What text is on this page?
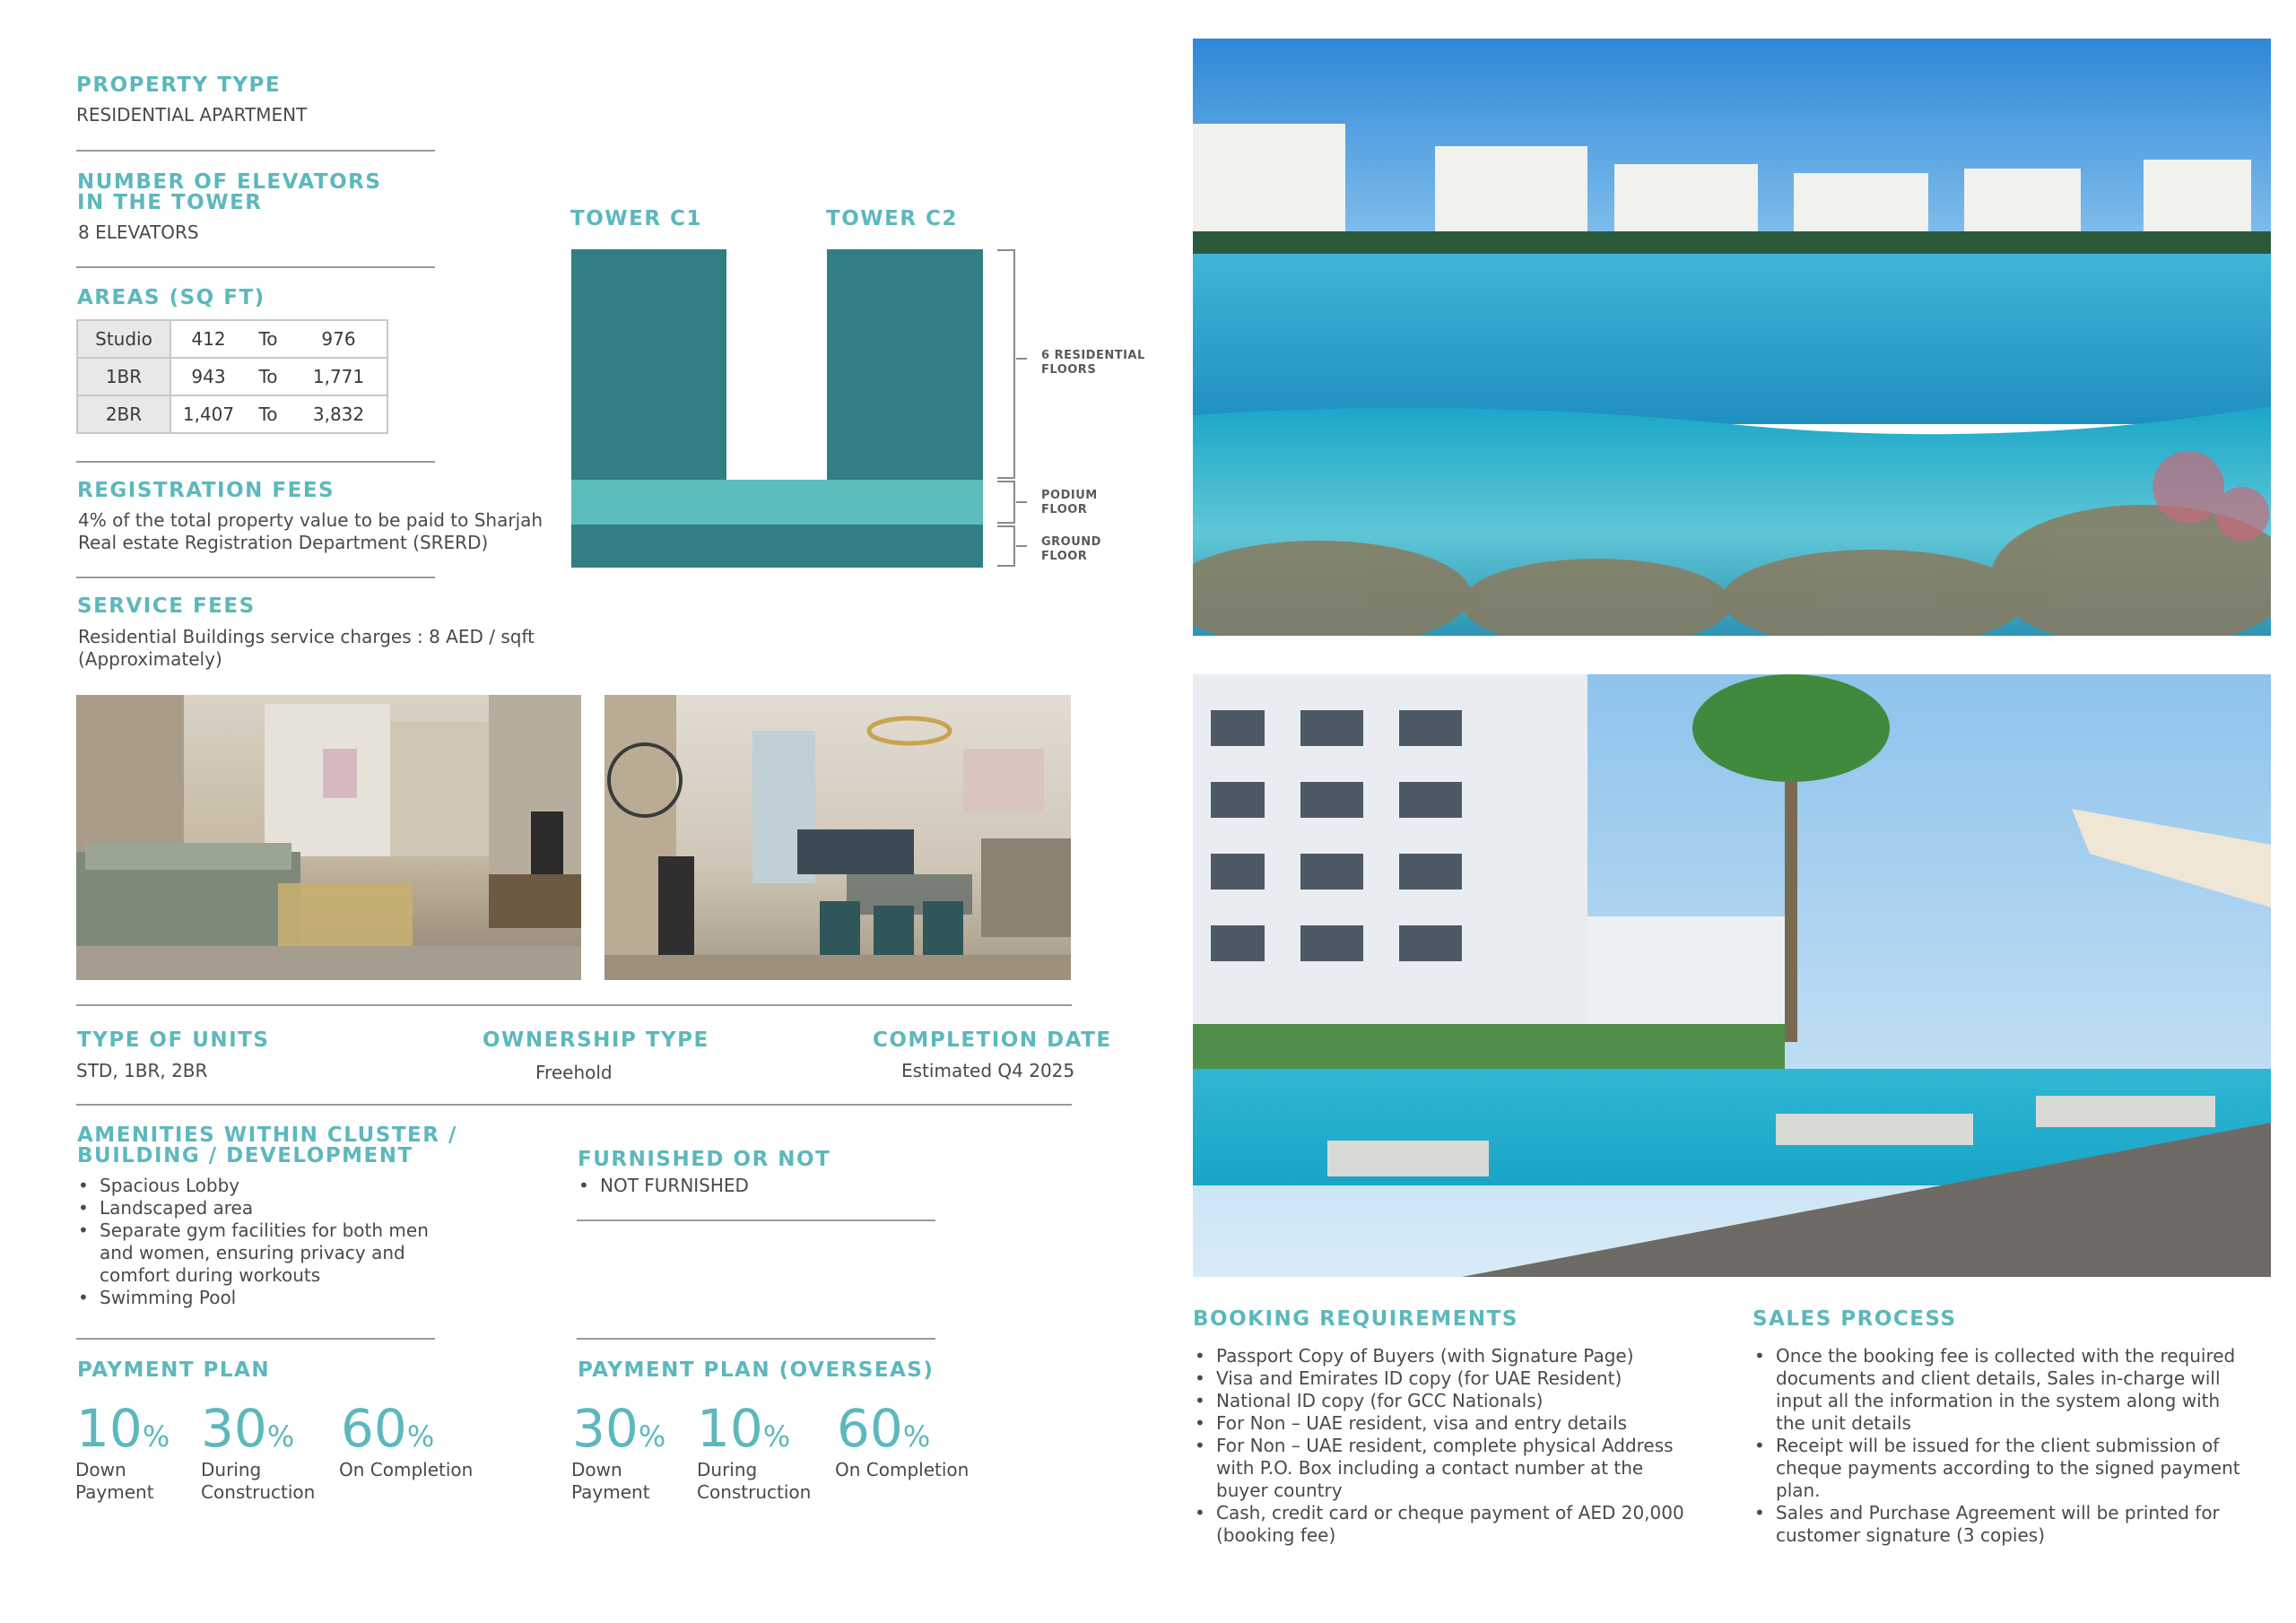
PROPERTY TYPE
RESIDENTIAL APARTMENT
NUMBER OF ELEVATORS
IN THE TOWER
8 ELEVATORS
AREAS (SQ FT)
Studio	412	To	976
1BR	943	To	1,771
2BR	1,407	To	3,832
REGISTRATION FEES
4% of the total property value to be paid to Sharjah
Real estate Registration Department (SRERD)
SERVICE FEES
Residential Buildings service charges : 8 AED / sqft
(Approximately)
TOWER C1	TOWER C2
6 RESIDENTIAL
FLOORS
PODIUM
FLOOR
GROUND
FLOOR
TYPE OF UNITS
STD, 1BR, 2BR
OWNERSHIP TYPE
Freehold
COMPLETION DATE
Estimated Q4 2025
AMENITIES WITHIN CLUSTER /
BUILDING / DEVELOPMENT
• Spacious Lobby
• Landscaped area
• Separate gym facilities for both men
and women, ensuring privacy and
comfort during workouts
• Swimming Pool
FURNISHED OR NOT
• NOT FURNISHED
PAYMENT PLAN
10%
Down
Payment
30%
During
Construction
60%
On Completion
PAYMENT PLAN (OVERSEAS)
30%
Down
Payment
10%
During
Construction
60%
On Completion
BOOKING REQUIREMENTS
• Passport Copy of Buyers (with Signature Page)
• Visa and Emirates ID copy (for UAE Resident)
• National ID copy (for GCC Nationals)
• For Non – UAE resident, visa and entry details
• For Non – UAE resident, complete physical Address
with P.O. Box including a contact number at the
buyer country
• Cash, credit card or cheque payment of AED 20,000
(booking fee)
SALES PROCESS
• Once the booking fee is collected with the required
documents and client details, Sales in-charge will
input all the information in the system along with
the unit details
• Receipt will be issued for the client submission of
cheque payments according to the signed payment
plan.
• Sales and Purchase Agreement will be printed for
customer signature (3 copies)
